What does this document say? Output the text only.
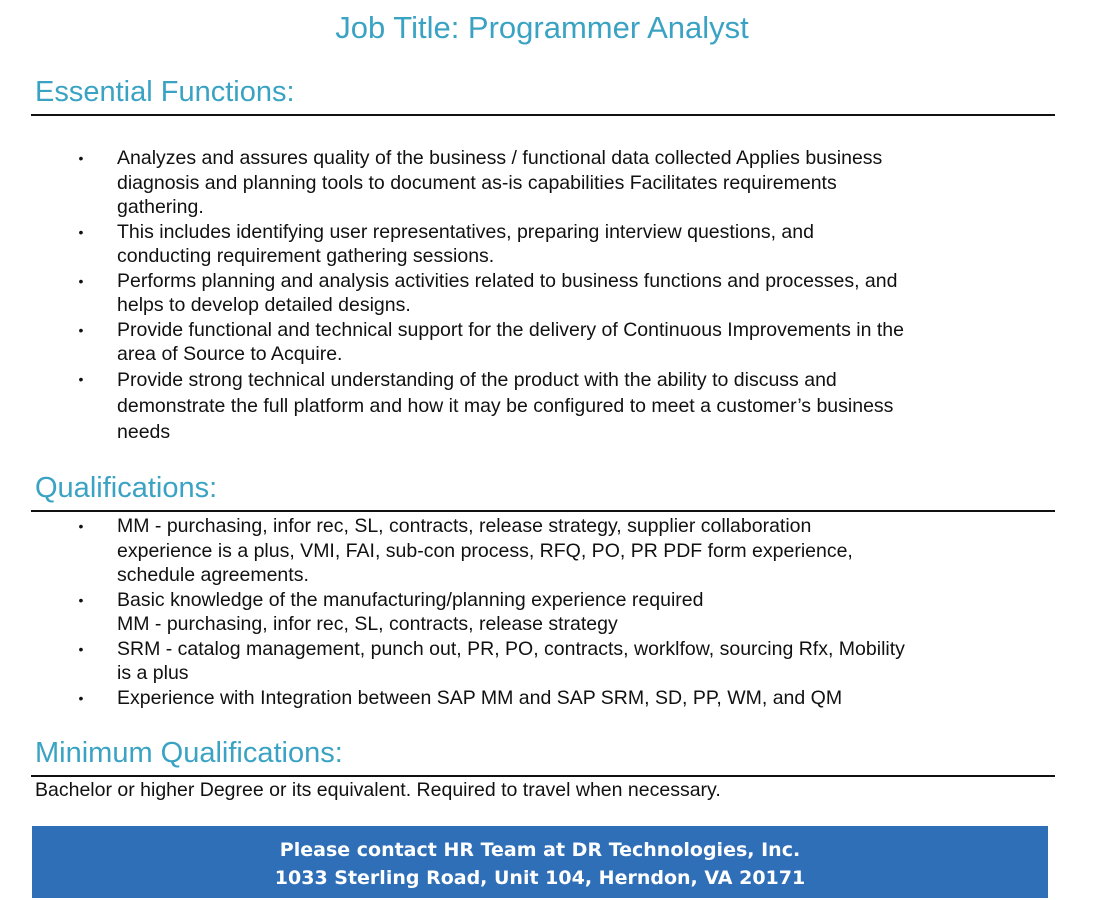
Job Title: Programmer Analyst
Essential Functions:
• Analyzes and assures quality of the business / functional data collected Applies business
diagnosis and planning tools to document as-is capabilities Facilitates requirements
gathering.
• This includes identifying user representatives, preparing interview questions, and
conducting requirement gathering sessions.
• Performs planning and analysis activities related to business functions and processes, and
helps to develop detailed designs.
• Provide functional and technical support for the delivery of Continuous Improvements in the
area of Source to Acquire.
• Provide strong technical understanding of the product with the ability to discuss and
demonstrate the full platform and how it may be configured to meet a customer’s business
needs
Qualifications:
• MM - purchasing, infor rec, SL, contracts, release strategy, supplier collaboration
experience is a plus, VMI, FAI, sub-con process, RFQ, PO, PR PDF form experience,
schedule agreements.
• Basic knowledge of the manufacturing/planning experience required
MM - purchasing, infor rec, SL, contracts, release strategy
• SRM - catalog management, punch out, PR, PO, contracts, worklfow, sourcing Rfx, Mobility
is a plus
• Experience with Integration between SAP MM and SAP SRM, SD, PP, WM, and QM
Minimum Qualifications:
Bachelor or higher Degree or its equivalent. Required to travel when necessary.
Please contact HR Team at DR Technologies, Inc.
1033 Sterling Road, Unit 104, Herndon, VA 20171
